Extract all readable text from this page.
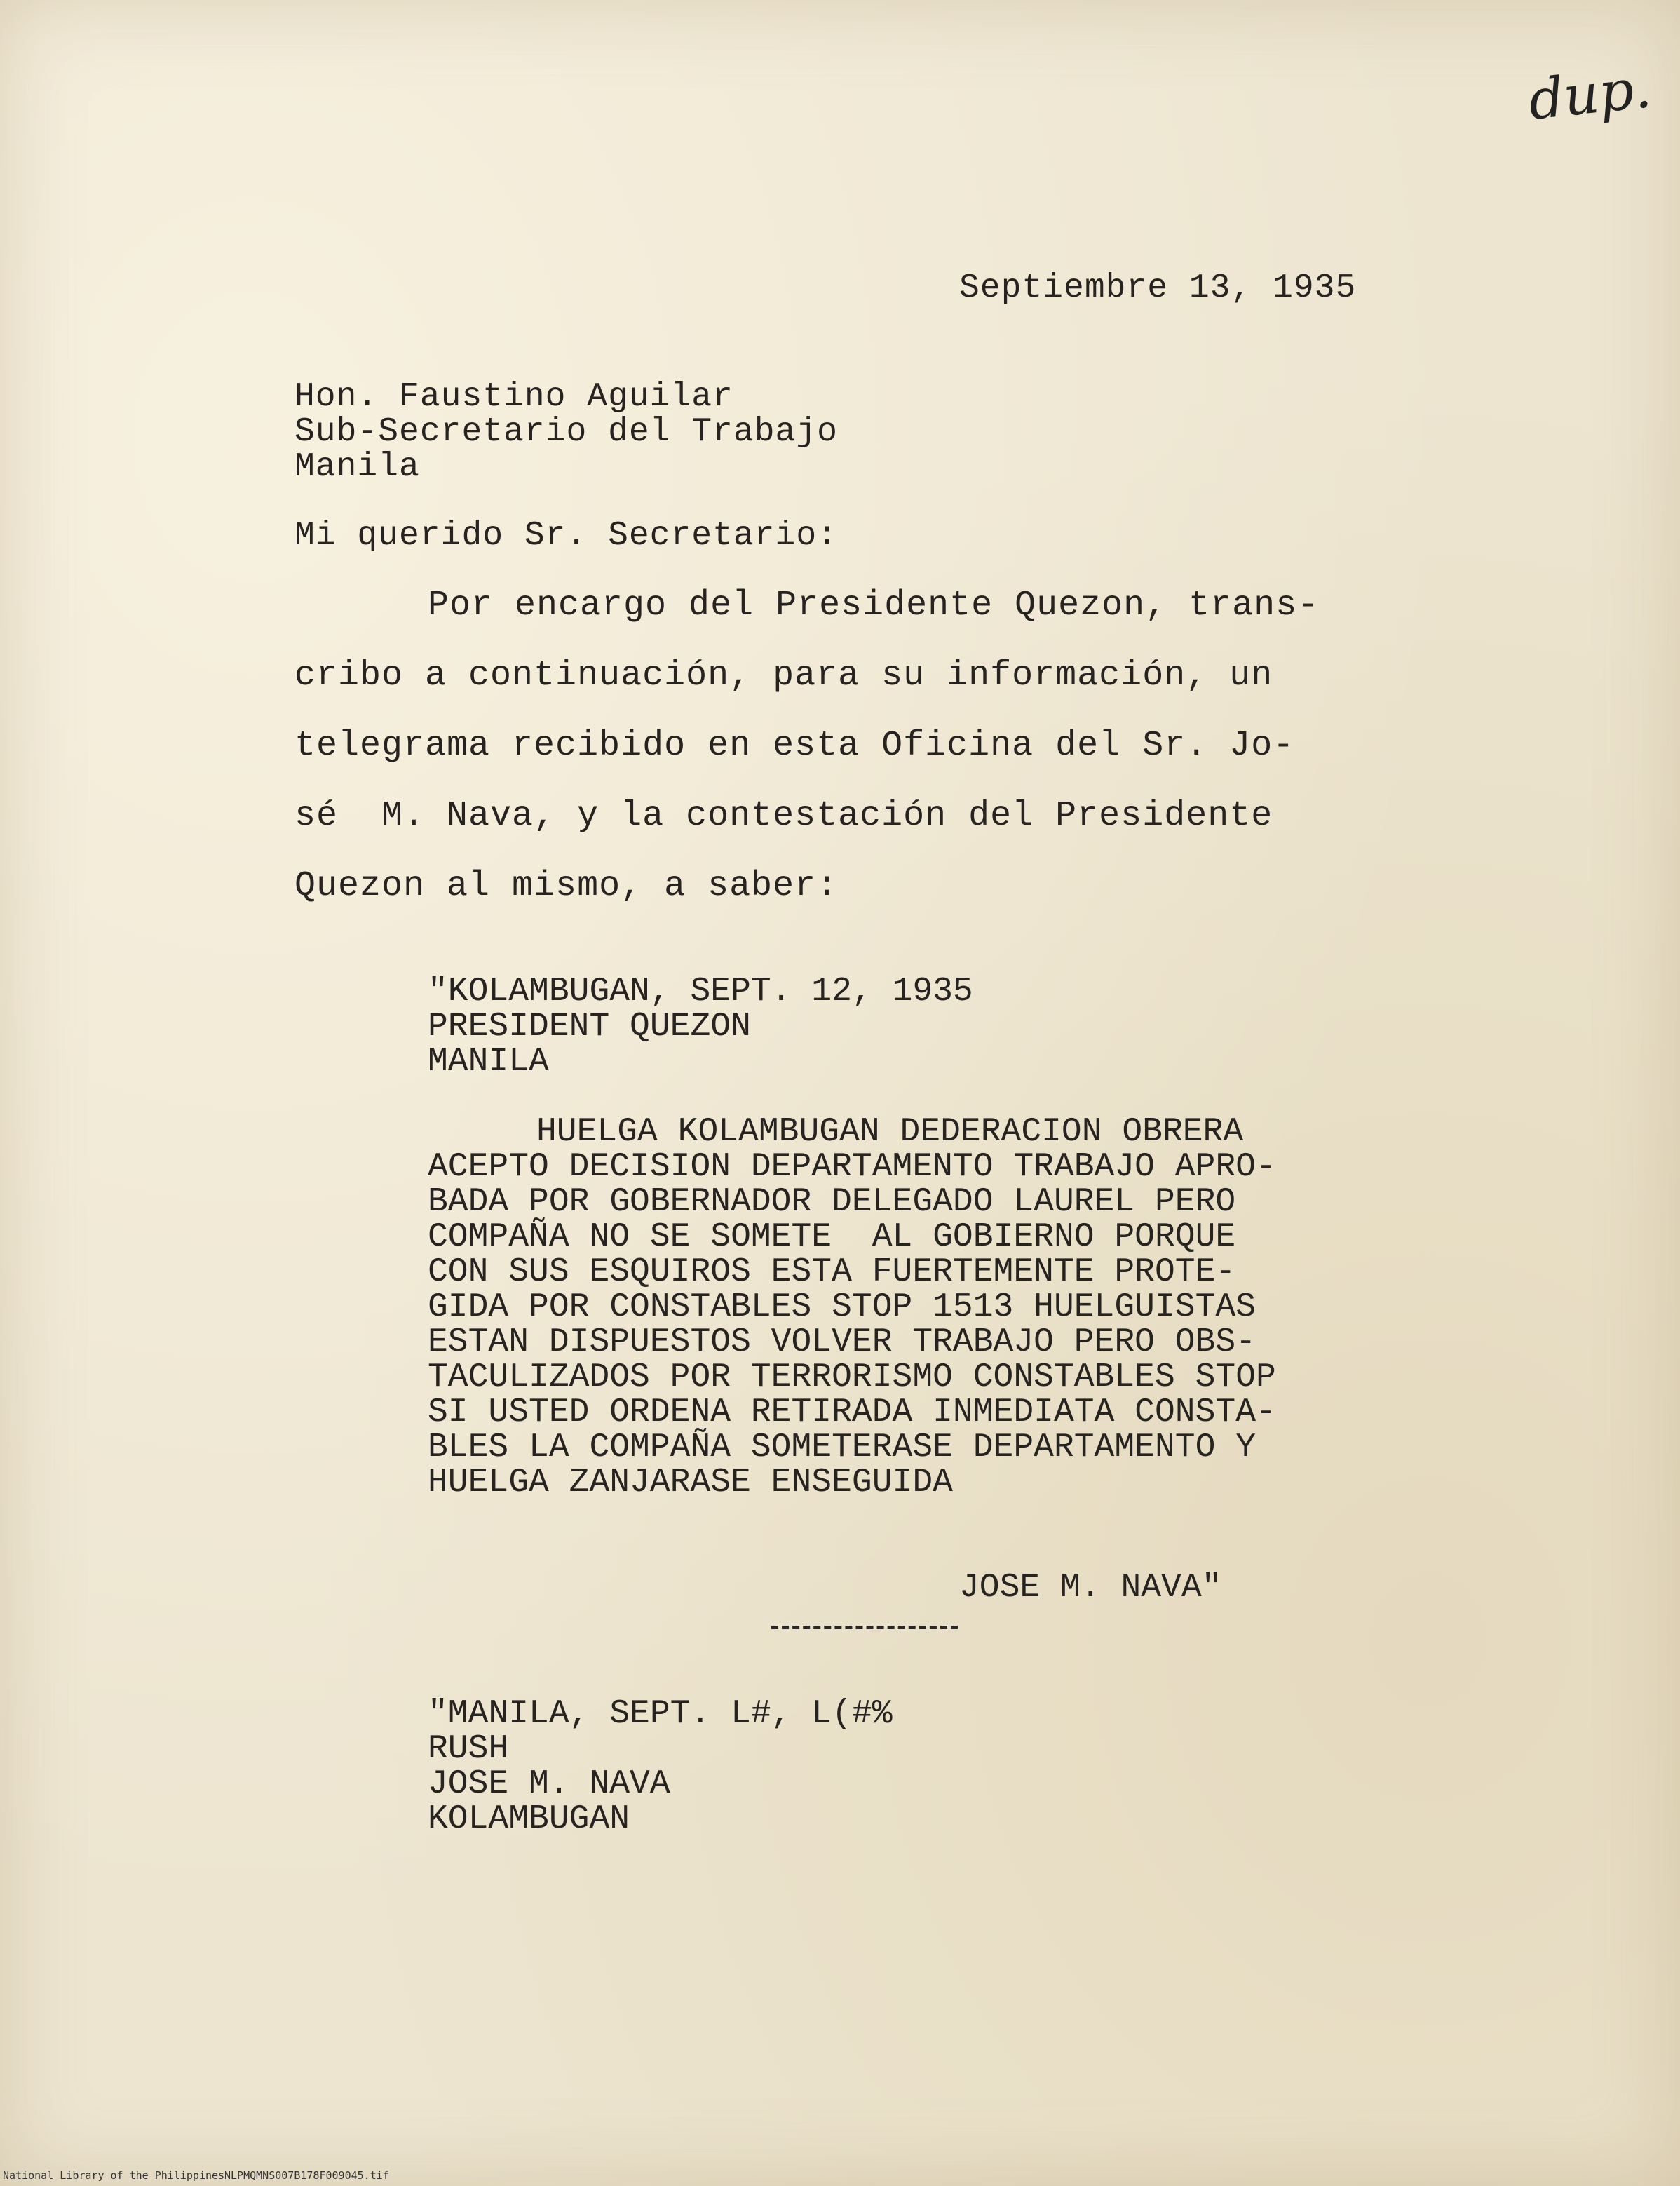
dup.
Septiembre 13, 1935
Hon. Faustino Aguilar
Sub-Secretario del Trabajo
Manila
Mi querido Sr. Secretario:
Por encargo del Presidente Quezon, trans-
cribo a continuación, para su información, un
telegrama recibido en esta Oficina del Sr. Jo-
sé  M. Nava, y la contestación del Presidente
Quezon al mismo, a saber:
"KOLAMBUGAN, SEPT. 12, 1935
PRESIDENT QUEZON
MANILA
HUELGA KOLAMBUGAN DEDERACION OBRERA
ACEPTO DECISION DEPARTAMENTO TRABAJO APRO-
BADA POR GOBERNADOR DELEGADO LAUREL PERO
COMPAÑA NO SE SOMETE  AL GOBIERNO PORQUE
CON SUS ESQUIROS ESTA FUERTEMENTE PROTE-
GIDA POR CONSTABLES STOP 1513 HUELGUISTAS
ESTAN DISPUESTOS VOLVER TRABAJO PERO OBS-
TACULIZADOS POR TERRORISMO CONSTABLES STOP
SI USTED ORDENA RETIRADA INMEDIATA CONSTA-
BLES LA COMPAÑA SOMETERASE DEPARTAMENTO Y
HUELGA ZANJARASE ENSEGUIDA
JOSE M. NAVA"
"MANILA, SEPT. L#, L(#%
RUSH
JOSE M. NAVA
KOLAMBUGAN
National Library of the Philippines NLPMQMNS007B178F009045.tif
